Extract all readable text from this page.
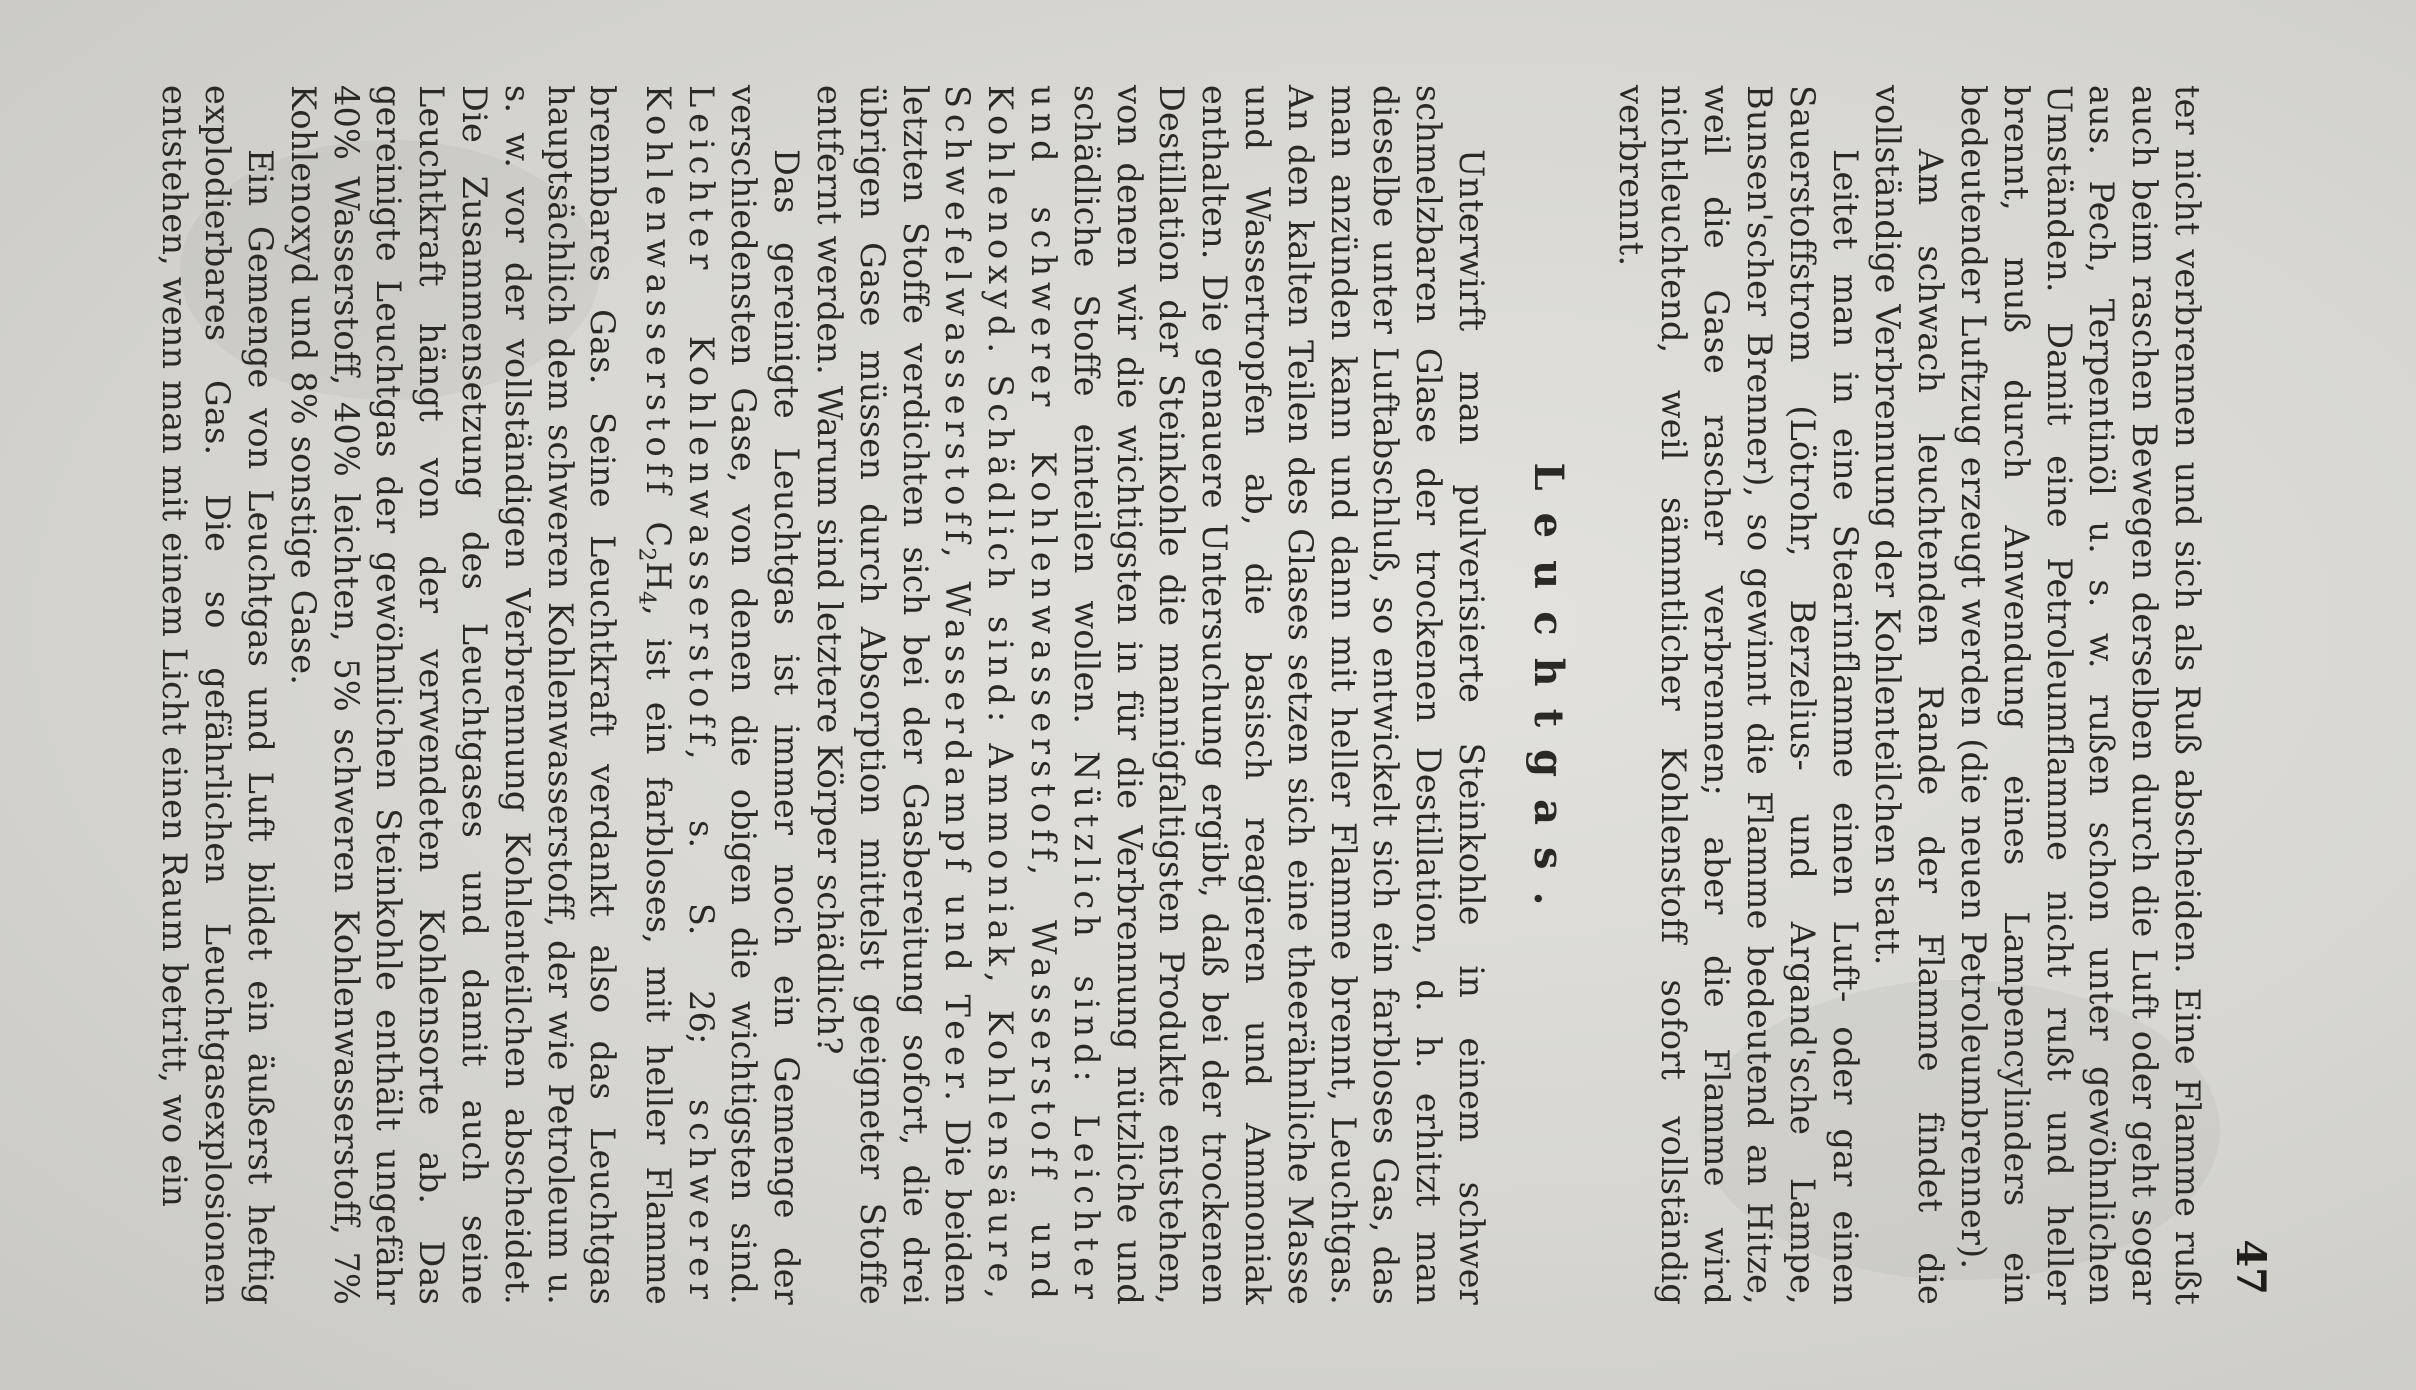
47

ter nicht verbrennen und sich als Ruß abscheiden. Eine Flamme rußt auch beim raschen Bewegen derselben durch die Luft oder geht sogar aus. Pech, Terpentinöl u. s. w. rußen schon unter gewöhnlichen Umständen. Damit eine Petroleumflamme nicht rußt und heller brennt, muß durch Anwendung eines Lampencylinders ein bedeutender Luftzug erzeugt werden (die neuen Petroleumbrenner).

Am schwach leuchtenden Rande der Flamme findet die vollständige Verbrennung der Kohlenteilchen statt.

Leitet man in eine Stearinflamme einen Luft- oder gar einen Sauerstoffstrom (Lötrohr, Berzelius- und Argand'sche Lampe, Bunsen'scher Brenner), so gewinnt die Flamme bedeutend an Hitze, weil die Gase rascher verbrennen; aber die Flamme wird nichtleuchtend, weil sämmtlicher Kohlenstoff sofort vollständig verbrennt.

Leuchtgas.

Unterwirft man pulverisierte Steinkohle in einem schwer schmelzbaren Glase der trockenen Destillation, d. h. erhitzt man dieselbe unter Luftabschluß, so entwickelt sich ein farbloses Gas, das man anzünden kann und dann mit heller Flamme brennt, Leuchtgas. An den kalten Teilen des Glases setzen sich eine theerähnliche Masse und Wassertropfen ab, die basisch reagieren und Ammoniak enthalten. Die genauere Untersuchung ergibt, daß bei der trockenen Destillation der Steinkohle die mannigfaltigsten Produkte entstehen, von denen wir die wichtigsten in für die Verbrennung nützliche und schädliche Stoffe einteilen wollen. Nützlich sind: Leichter und schwerer Kohlenwasserstoff, Wasserstoff und Kohlenoxyd. Schädlich sind: Ammoniak, Kohlensäure, Schwefelwasserstoff, Wasserdampf und Teer. Die beiden letzten Stoffe verdichten sich bei der Gasbereitung sofort, die drei übrigen Gase müssen durch Absorption mittelst geeigneter Stoffe entfernt werden. Warum sind letztere Körper schädlich?

Das gereinigte Leuchtgas ist immer noch ein Gemenge der verschiedensten Gase, von denen die obigen die wichtigsten sind. Leichter Kohlenwasserstoff, s. S. 26; schwerer Kohlenwasserstoff $C_2H_4$, ist ein farbloses, mit heller Flamme brennbares Gas. Seine Leuchtkraft verdankt also das Leuchtgas hauptsächlich dem schweren Kohlenwasserstoff, der wie Petroleum u. s. w. vor der vollständigen Verbrennung Kohlenteilchen abscheidet. Die Zusammensetzung des Leuchtgases und damit auch seine Leuchtkraft hängt von der verwendeten Kohlensorte ab. Das gereinigte Leuchtgas der gewöhnlichen Steinkohle enthält ungefähr 40% Wasserstoff, 40% leichten, 5% schweren Kohlenwasserstoff, 7% Kohlenoxyd und 8% sonstige Gase.

Ein Gemenge von Leuchtgas und Luft bildet ein äußerst heftig explodierbares Gas. Die so gefährlichen Leuchtgasexplosionen entstehen, wenn man mit einem Licht einen Raum betritt, wo ein
